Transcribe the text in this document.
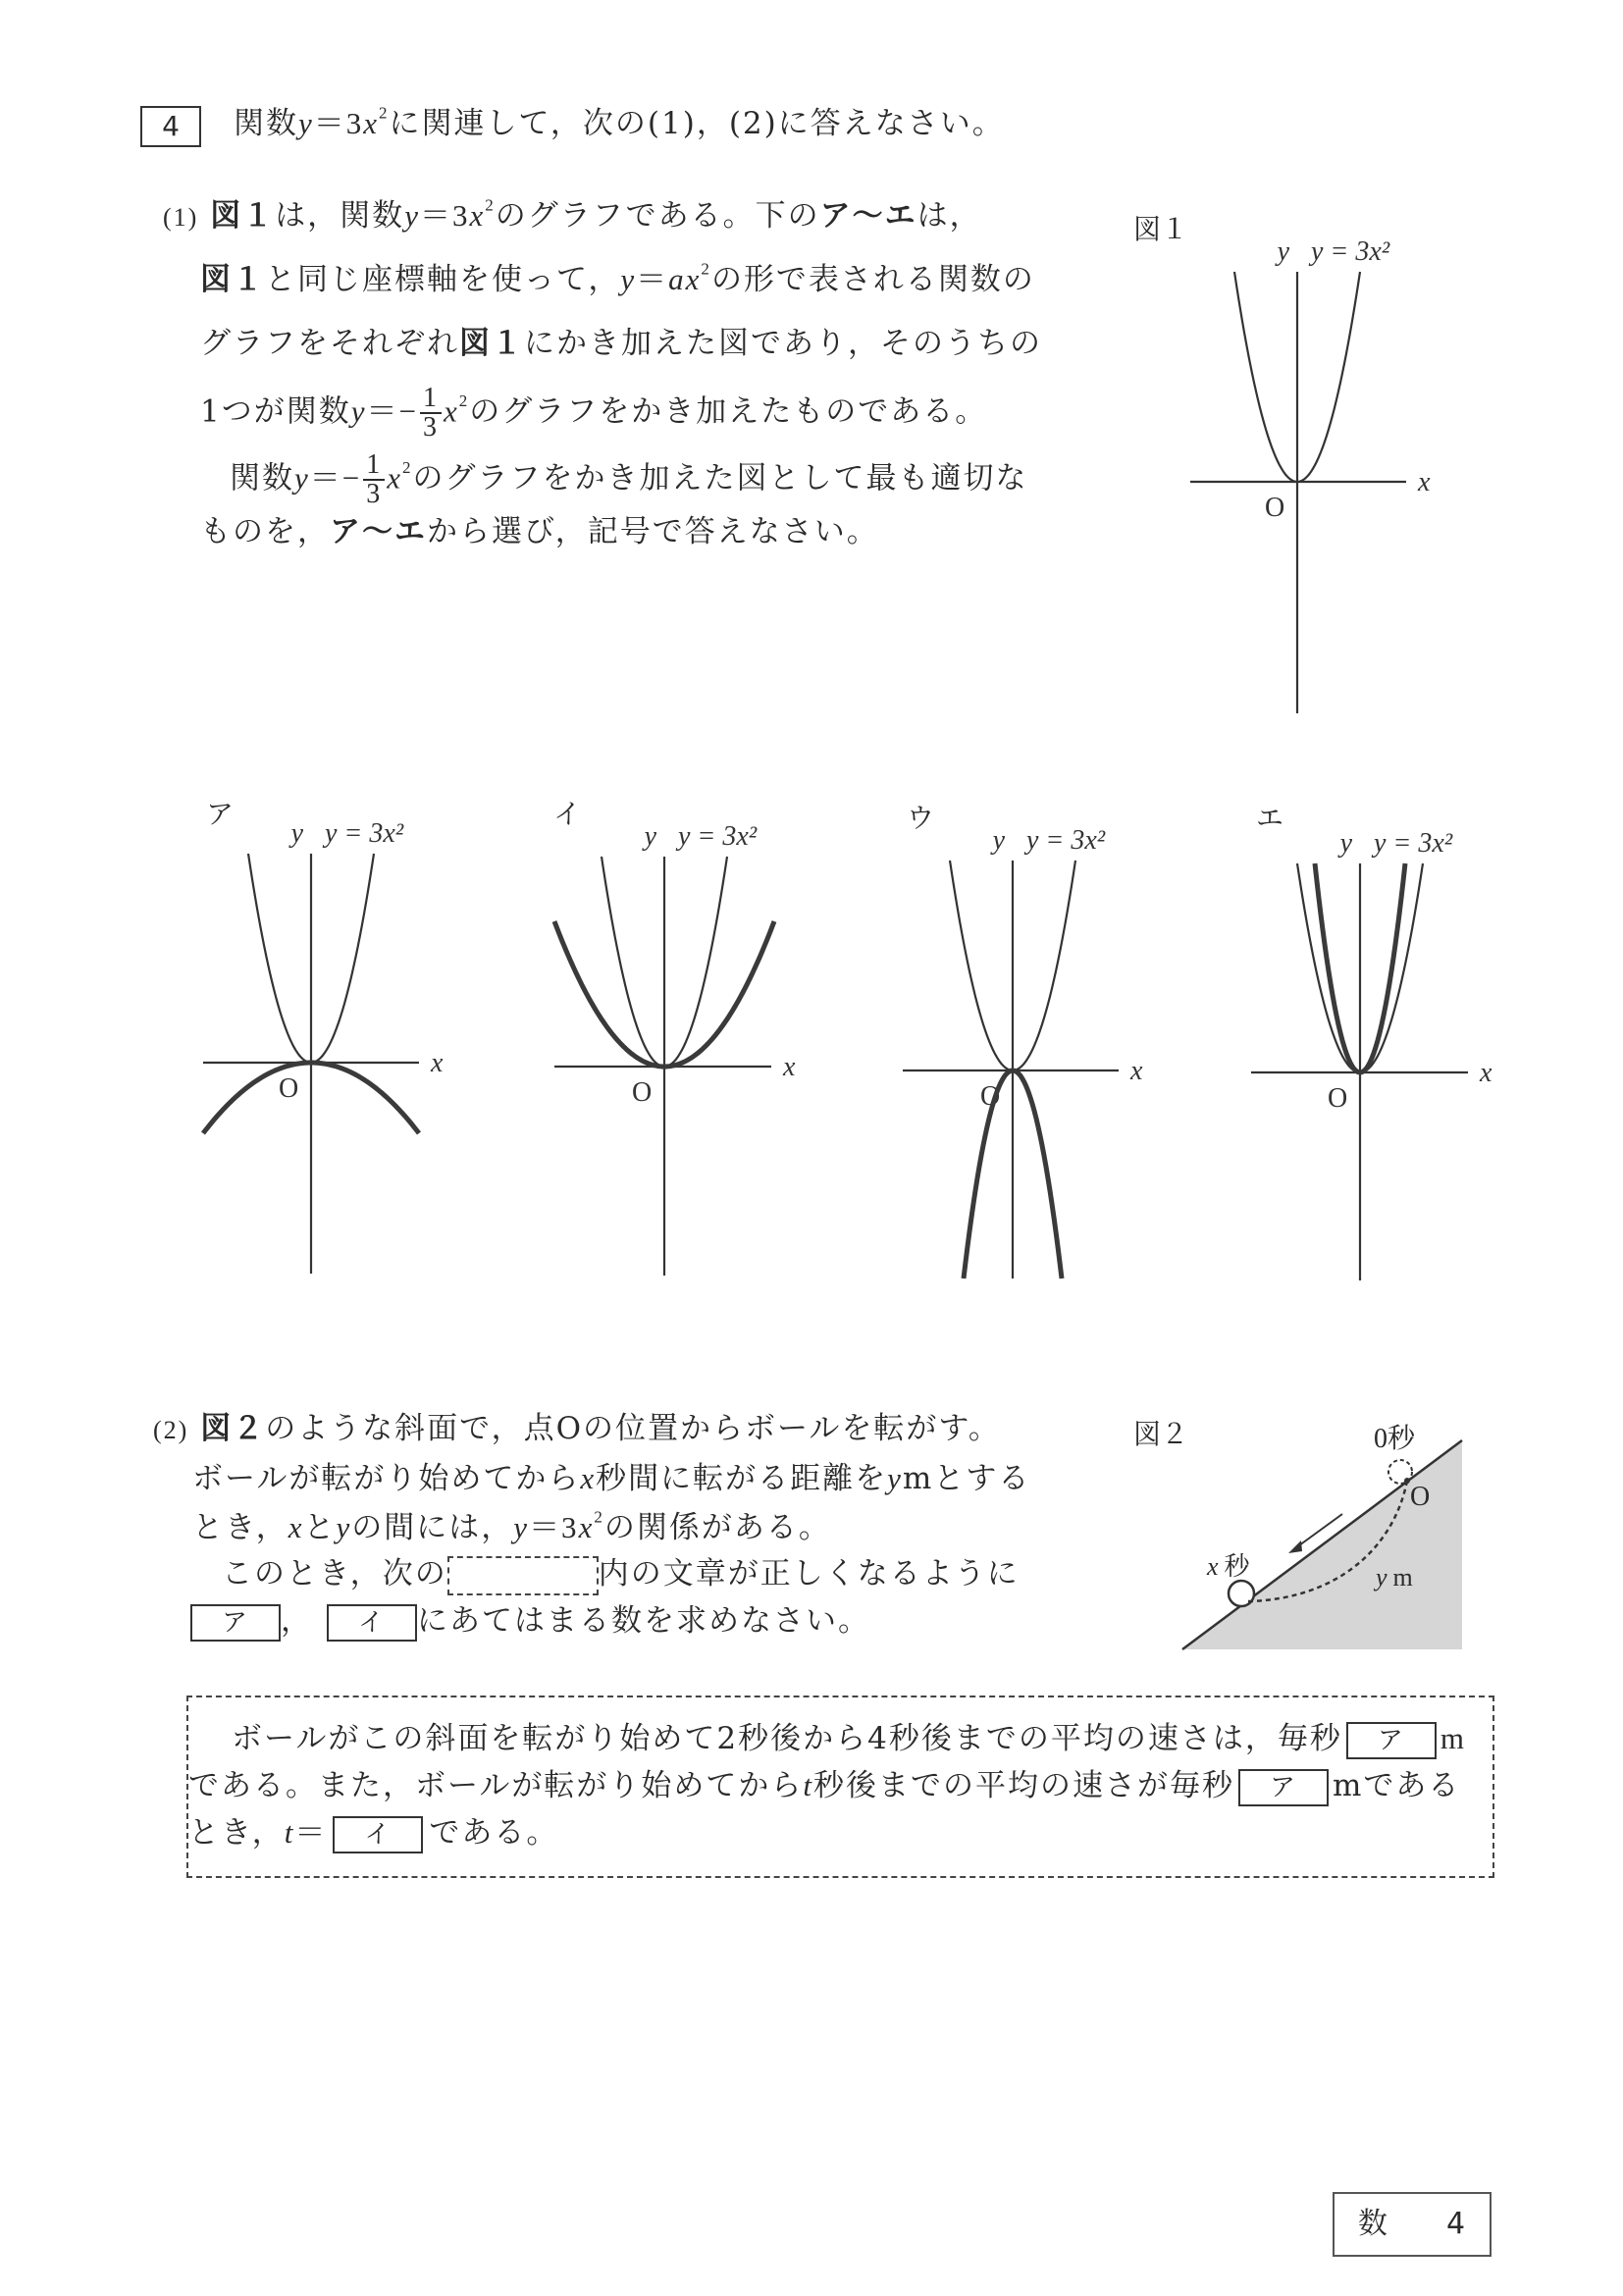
4	関数$y=3x^2$に関連して，次の(1)，(2)に答えなさい。
(1) 図１は，関数$y=3x^2$のグラフである。下のア～エは，
図１と同じ座標軸を使って，$y=ax^2$の形で表される関数の
グラフをそれぞれ図１にかき加えた図であり，そのうちの
1つが関数$y=- \frac{1}{3} x^2$のグラフをかき加えたものである。
関数$y=- \frac{1}{3} x^2$のグラフをかき加えた図として最も適切な
ものを，ア～エから選び，記号で答えなさい。
図１
x
O
y y = 3x²
ア	イ	ウ	エ
x
O
y y = 3x²
x
O
y y = 3x²
x
O
y y = 3x²
x
O
y y = 3x²
(2) 図２のような斜面で，点Oの位置からボールを転がす。
ボールが転がり始めてからx秒間に転がる距離をymとする
とき，xとyの間には，$y=3x^2$の関係がある。
このとき，次の	内の文章が正しくなるように
ア ， イ にあてはまる数を求めなさい。
図２	0秒
O
x 秒	y m
ボールがこの斜面を転がり始めて2秒後から4秒後までの平均の速さは，毎秒 ア m
である。また，ボールが転がり始めてからt秒後までの平均の速さが毎秒 ア mである
とき，t＝ イ である。
数 4
